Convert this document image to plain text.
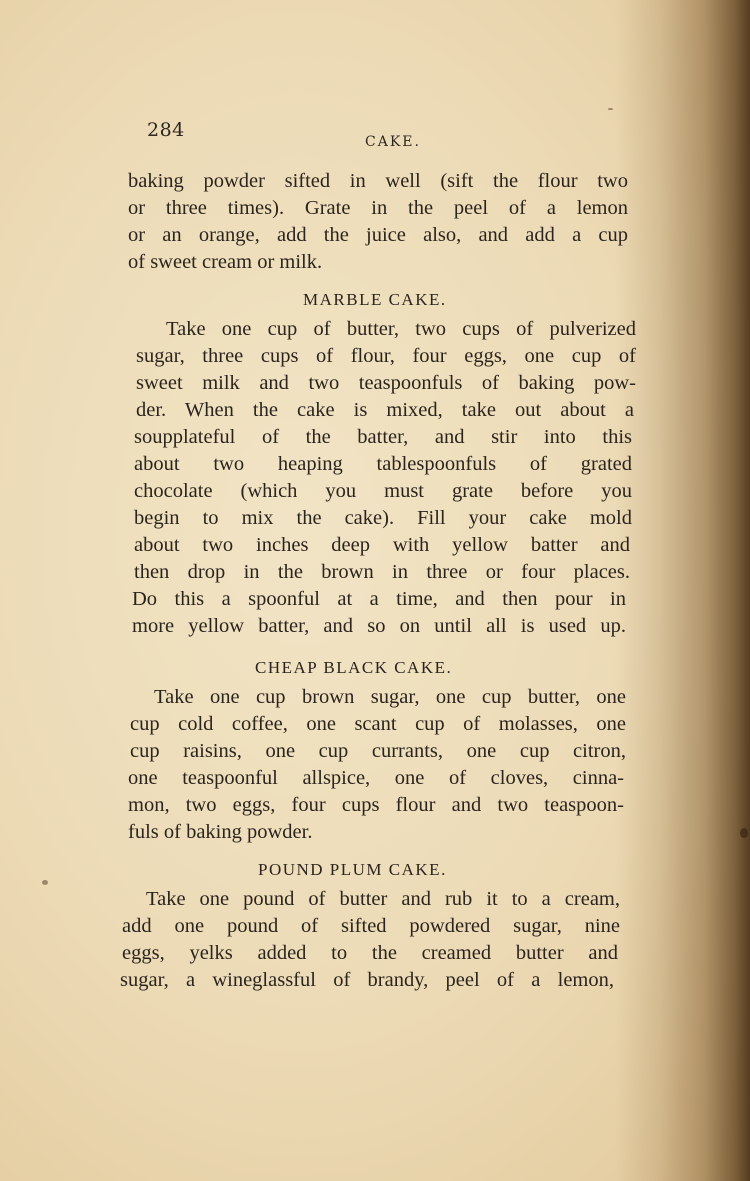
284
CAKE.
baking powder sifted in well (sift the flour two
or three times). Grate in the peel of a lemon
or an orange, add the juice also, and add a cup
of sweet cream or milk.
MARBLE CAKE.
Take one cup of butter, two cups of pulverized
sugar, three cups of flour, four eggs, one cup of
sweet milk and two teaspoonfuls of baking pow-
der. When the cake is mixed, take out about a
soupplateful of the batter, and stir into this
about two heaping tablespoonfuls of grated
chocolate (which you must grate before you
begin to mix the cake). Fill your cake mold
about two inches deep with yellow batter and
then drop in the brown in three or four places.
Do this a spoonful at a time, and then pour in
more yellow batter, and so on until all is used up.
CHEAP BLACK CAKE.
Take one cup brown sugar, one cup butter, one
cup cold coffee, one scant cup of molasses, one
cup raisins, one cup currants, one cup citron,
one teaspoonful allspice, one of cloves, cinna-
mon, two eggs, four cups flour and two teaspoon-
fuls of baking powder.
POUND PLUM CAKE.
Take one pound of butter and rub it to a cream,
add one pound of sifted powdered sugar, nine
eggs, yelks added to the creamed butter and
sugar, a wineglassful of brandy, peel of a lemon,
